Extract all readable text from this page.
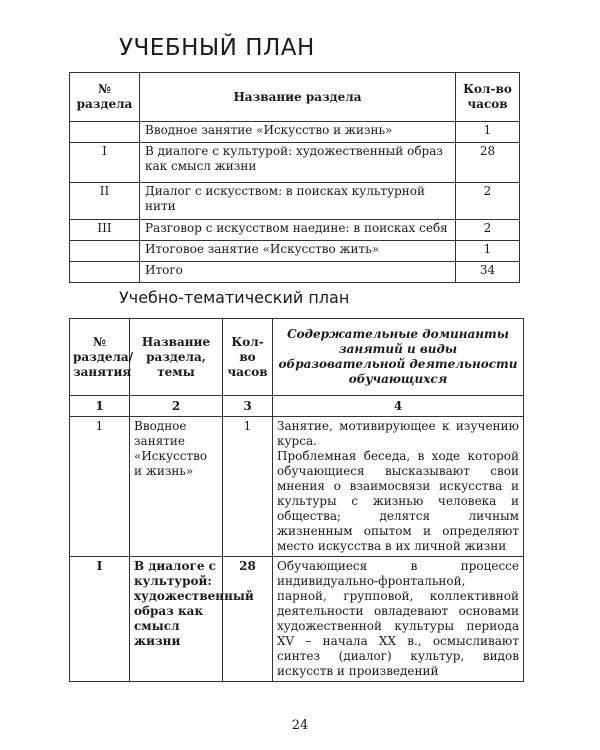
УЧЕБНЫЙ ПЛАН
№ раздела	Название раздела	Кол-во часов
	Вводное занятие «Искусство и жизнь»	1
I	В диалоге с культурой: художественный образ как смысл жизни	28
II	Диалог с искусством: в поисках культурной нити	2
III	Разговор с искусством наедине: в поисках себя	2
	Итоговое занятие «Искусство жить»	1
	Итого	34
Учебно-тематический план
№ раздела/ занятия	Название раздела, темы	Кол-во часов	Содержательные доминанты занятий и виды образовательной деятельности обучающихся
1	2	3	4
1	Вводное занятие «Искусство и жизнь»	1	Занятие, мотивирующее к изучению курса.
Проблемная беседа, в ходе которой обучающиеся высказывают свои мнения о взаимосвязи искусства и культуры с жизнью человека и общества; делятся личным жизненным опытом и определяют место искусства в их личной жизни

I	В диалоге с культурой: художественный образ как смысл жизни	28	Обучающиеся в процессе индивидуально-фронтальной, парной, групповой, коллективной деятельности овладевают основами художественной культуры периода XV – начала XX в., осмысливают синтез (диалог) культур, видов искусств и произведений
24
